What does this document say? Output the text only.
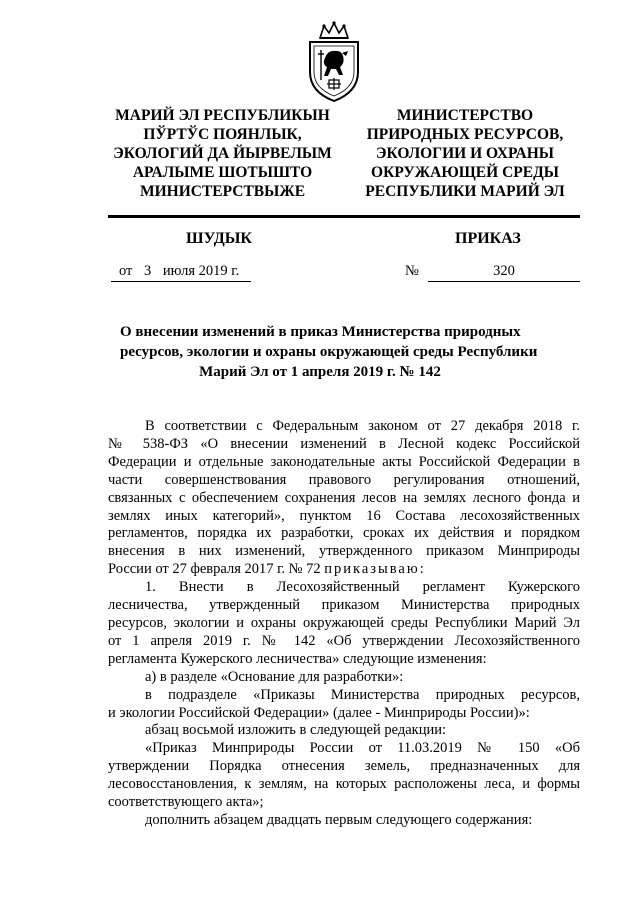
МАРИЙ ЭЛ РЕСПУБЛИКЫН
ПЎРТЎС ПОЯНЛЫК,
ЭКОЛОГИЙ ДА ЙЫРВЕЛЫМ
АРАЛЫМЕ ШОТЫШТО
МИНИСТЕРСТВЫЖЕ
МИНИСТЕРСТВО
ПРИРОДНЫХ РЕСУРСОВ,
ЭКОЛОГИИ И ОХРАНЫ
ОКРУЖАЮЩЕЙ СРЕДЫ
РЕСПУБЛИКИ МАРИЙ ЭЛ
ШУДЫК	ПРИКАЗ
от 3 июля 2019 г.	№	320
О внесении изменений в приказ Министерства природных
ресурсов, экологии и охраны окружающей среды Республики
Марий Эл от 1 апреля 2019 г. № 142
В соответствии с Федеральным законом от 27 декабря 2018 г.
№ 538-ФЗ «О внесении изменений в Лесной кодекс Российской
Федерации и отдельные законодательные акты Российской Федерации в
части совершенствования правового регулирования отношений,
связанных с обеспечением сохранения лесов на землях лесного фонда и
землях иных категорий», пунктом 16 Состава лесохозяйственных
регламентов, порядка их разработки, сроках их действия и порядком
внесения в них изменений, утвержденного приказом Минприроды
России от 27 февраля 2017 г. № 72 приказываю:
1. Внести в Лесохозяйственный регламент Кужерского
лесничества, утвержденный приказом Министерства природных
ресурсов, экологии и охраны окружающей среды Республики Марий Эл
от 1 апреля 2019 г. № 142 «Об утверждении Лесохозяйственного
регламента Кужерского лесничества» следующие изменения:
а) в разделе «Основание для разработки»:
в подразделе «Приказы Министерства природных ресурсов,
и экологии Российской Федерации» (далее - Минприроды России)»:
абзац восьмой изложить в следующей редакции:
«Приказ Минприроды России от 11.03.2019 № 150 «Об
утверждении Порядка отнесения земель, предназначенных для
лесовосстановления, к землям, на которых расположены леса, и формы
соответствующего акта»;
дополнить абзацем двадцать первым следующего содержания:
